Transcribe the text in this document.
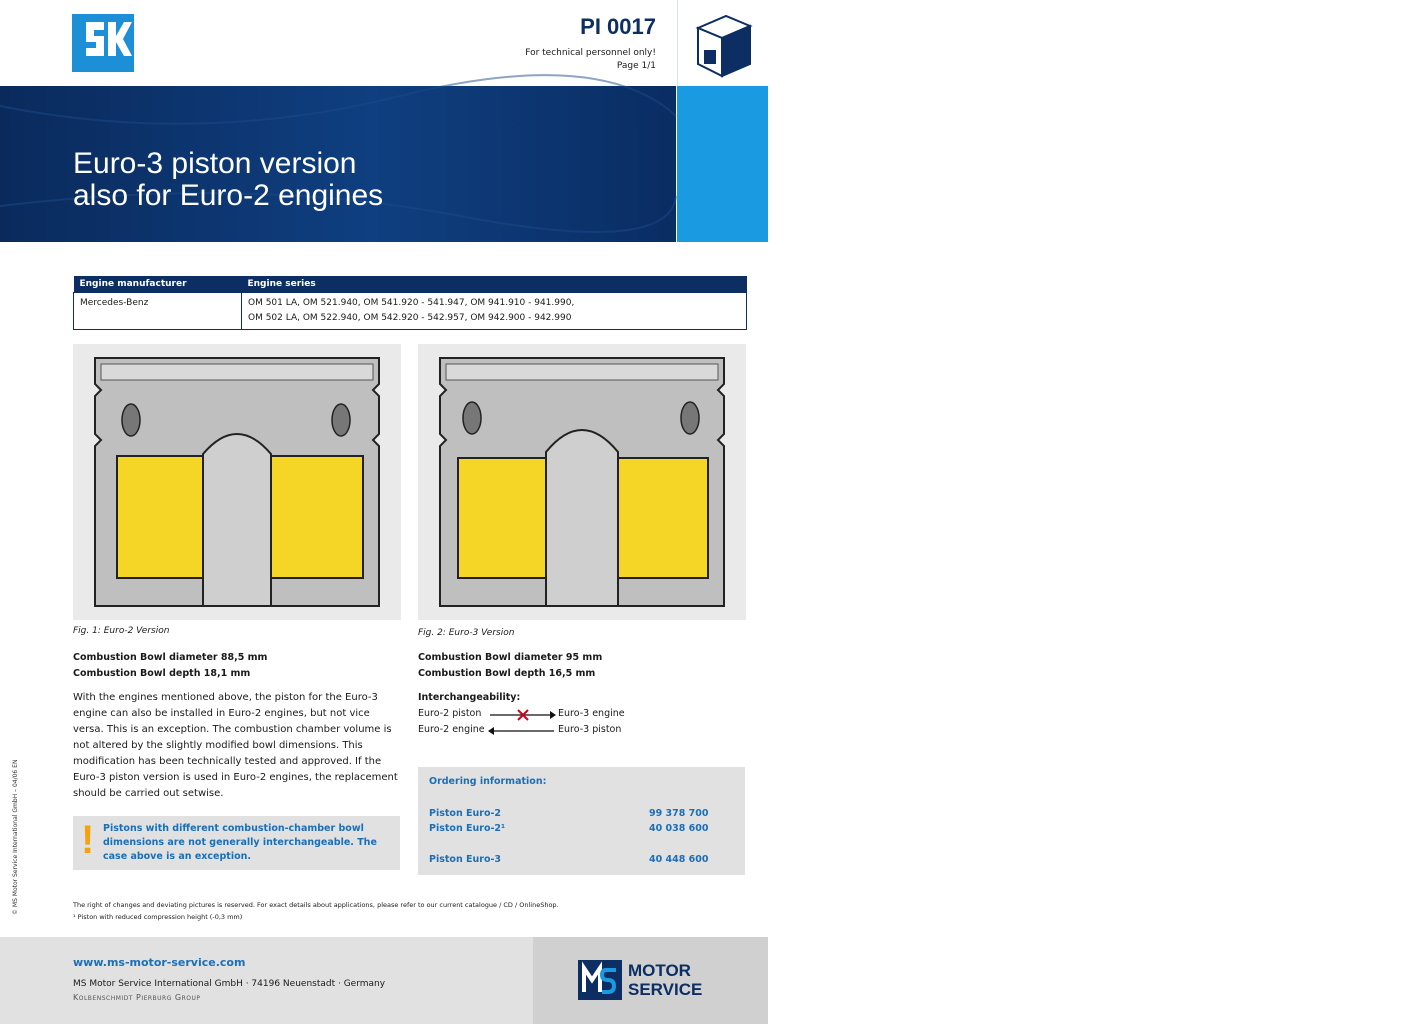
PI 0017
For technical personnel only!
Page 1/1
Euro-3 piston version
also for Euro-2 engines	PRODUCT INFORMATION
Engine manufacturer	Engine series
Mercedes-Benz	OM 501 LA, OM 521.940, OM 541.920 - 541.947, OM 941.910 - 941.990,
OM 502 LA, OM 522.940, OM 542.920 - 542.957, OM 942.900 - 942.990
Fig. 1: Euro-2 Version	Fig. 2: Euro-3 Version
Combustion Bowl diameter 88,5 mm
Combustion Bowl depth 18,1 mm
Combustion Bowl diameter 95 mm
Combustion Bowl depth 16,5 mm
With the engines mentioned above, the piston for the Euro-3 engine can also be installed in Euro-2 engines, but not vice versa. This is an exception. The combustion chamber volume is not altered by the slightly modified bowl dimensions. This modification has been technically tested and approved. If the Euro-3 piston version is used in Euro-2 engines, the replacement should be carried out setwise.
! Pistons with different combustion-chamber bowl dimensions are not generally interchangeable. The case above is an exception.
Interchangeability:
Euro-2 piston	Euro-3 engine
Euro-2 engine	Euro-3 piston
Ordering information:
Piston Euro-2	99 378 700
Piston Euro-2¹	40 038 600
Piston Euro-3	40 448 600
The right of changes and deviating pictures is reserved. For exact details about applications, please refer to our current catalogue / CD / OnlineShop.
¹ Piston with reduced compression height (-0,3 mm)
© MS Motor Service International GmbH – 04/06 EN
www.ms-motor-service.com
MS Motor Service International GmbH · 74196 Neuenstadt · Germany
Kolbenschmidt Pierburg Group
MOTOR
SERVICE
